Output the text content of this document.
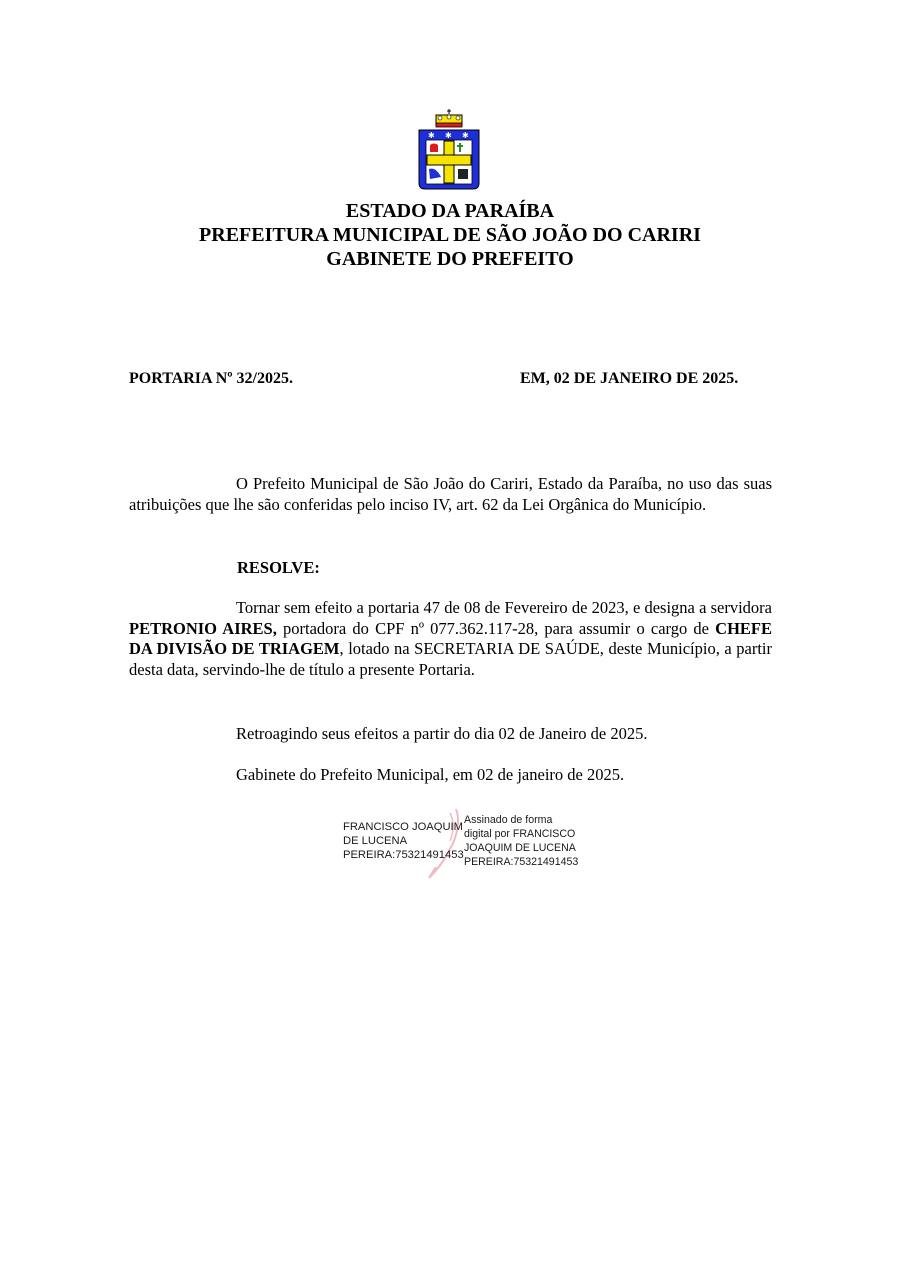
✱ ✱ ✱
ESTADO DA PARAÍBA
PREFEITURA MUNICIPAL DE SÃO JOÃO DO CARIRI
GABINETE DO PREFEITO
PORTARIA Nº 32/2025.	EM, 02 DE JANEIRO DE 2025.

O Prefeito Municipal de São João do Cariri, Estado da Paraíba, no uso das suas atribuições que lhe são conferidas pelo inciso IV, art. 62 da Lei Orgânica do Município.

RESOLVE:

Tornar sem efeito a portaria 47 de 08 de Fevereiro de 2023, e designa a servidora PETRONIO AIRES, portadora do CPF nº 077.362.117-28, para assumir o cargo de CHEFE DA DIVISÃO DE TRIAGEM, lotado na SECRETARIA DE SAÚDE, deste Município, a partir desta data, servindo-lhe de título a presente Portaria.

Retroagindo seus efeitos a partir do dia 02 de Janeiro de 2025.
Gabinete do Prefeito Municipal, em 02 de janeiro de 2025.
FRANCISCO JOAQUIM
DE LUCENA
PEREIRA:75321491453
Assinado de forma
digital por FRANCISCO
JOAQUIM DE LUCENA
PEREIRA:75321491453
